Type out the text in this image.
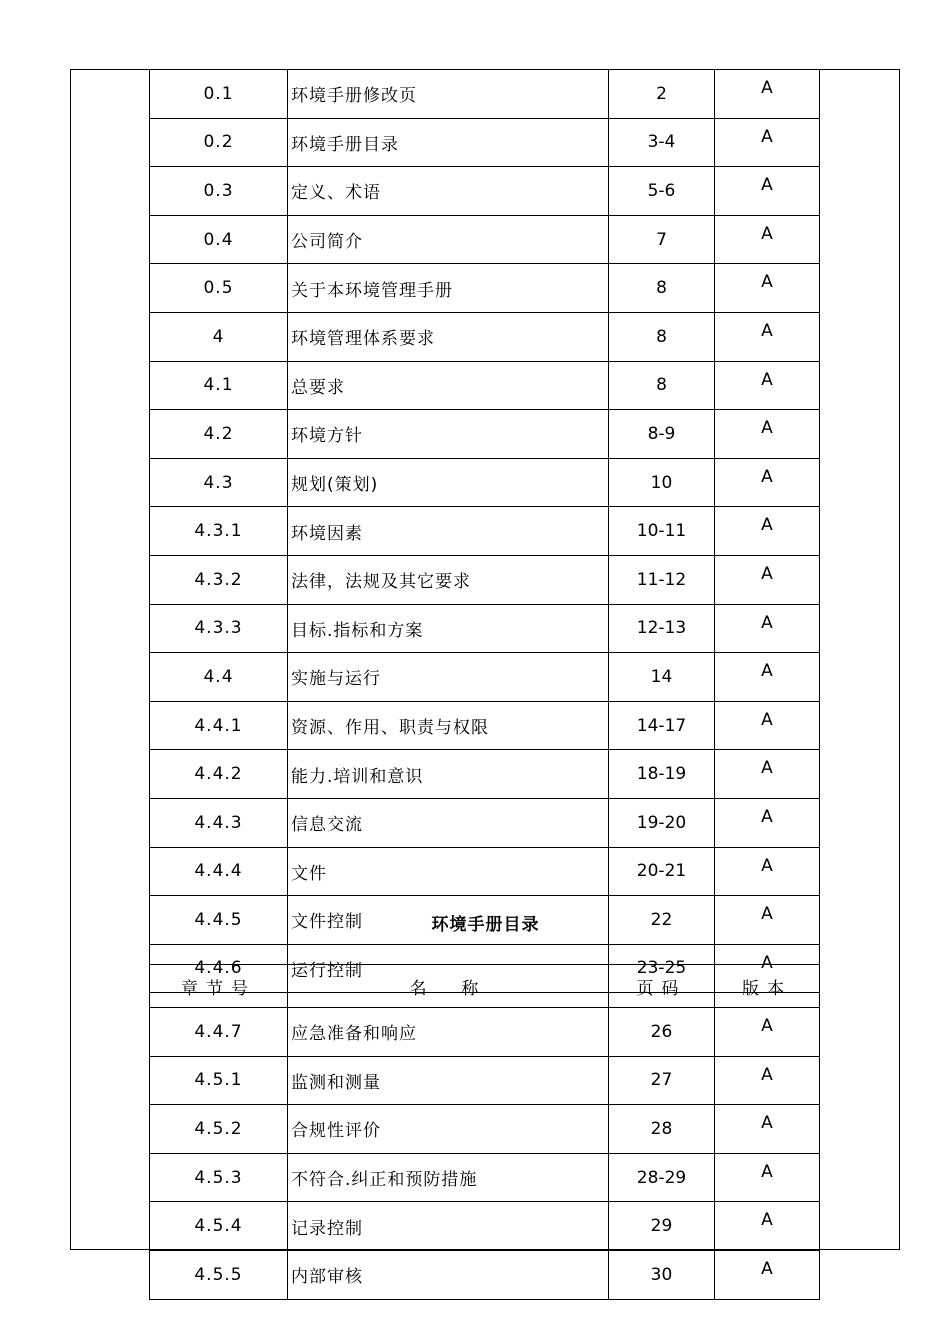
0.1	环境手册修改页	2	A
0.2	环境手册目录	3-4	A
0.3	定义、术语	5-6	A
0.4	公司简介	7	A
0.5	关于本环境管理手册	8	A
4	环境管理体系要求	8	A
4.1	总要求	8	A
4.2	环境方针	8-9	A
4.3	规划(策划)	10	A
4.3.1	环境因素	10-11	A
4.3.2	法律，法规及其它要求	11-12	A
4.3.3	目标.指标和方案	12-13	A
4.4	实施与运行	14	A
4.4.1	资源、作用、职责与权限	14-17	A
4.4.2	能力.培训和意识	18-19	A
4.4.3	信息交流	19-20	A
4.4.4	文件	20-21	A
4.4.5	文件控制	22	A
4.4.6	运行控制	23-25	A
环境手册目录
章节号	名  称	页码	版本
4.4.7	应急准备和响应	26	A
4.5.1	监测和测量	27	A
4.5.2	合规性评价	28	A
4.5.3	不符合.纠正和预防措施	28-29	A
4.5.4	记录控制	29	A
4.5.5	内部审核	30	A
